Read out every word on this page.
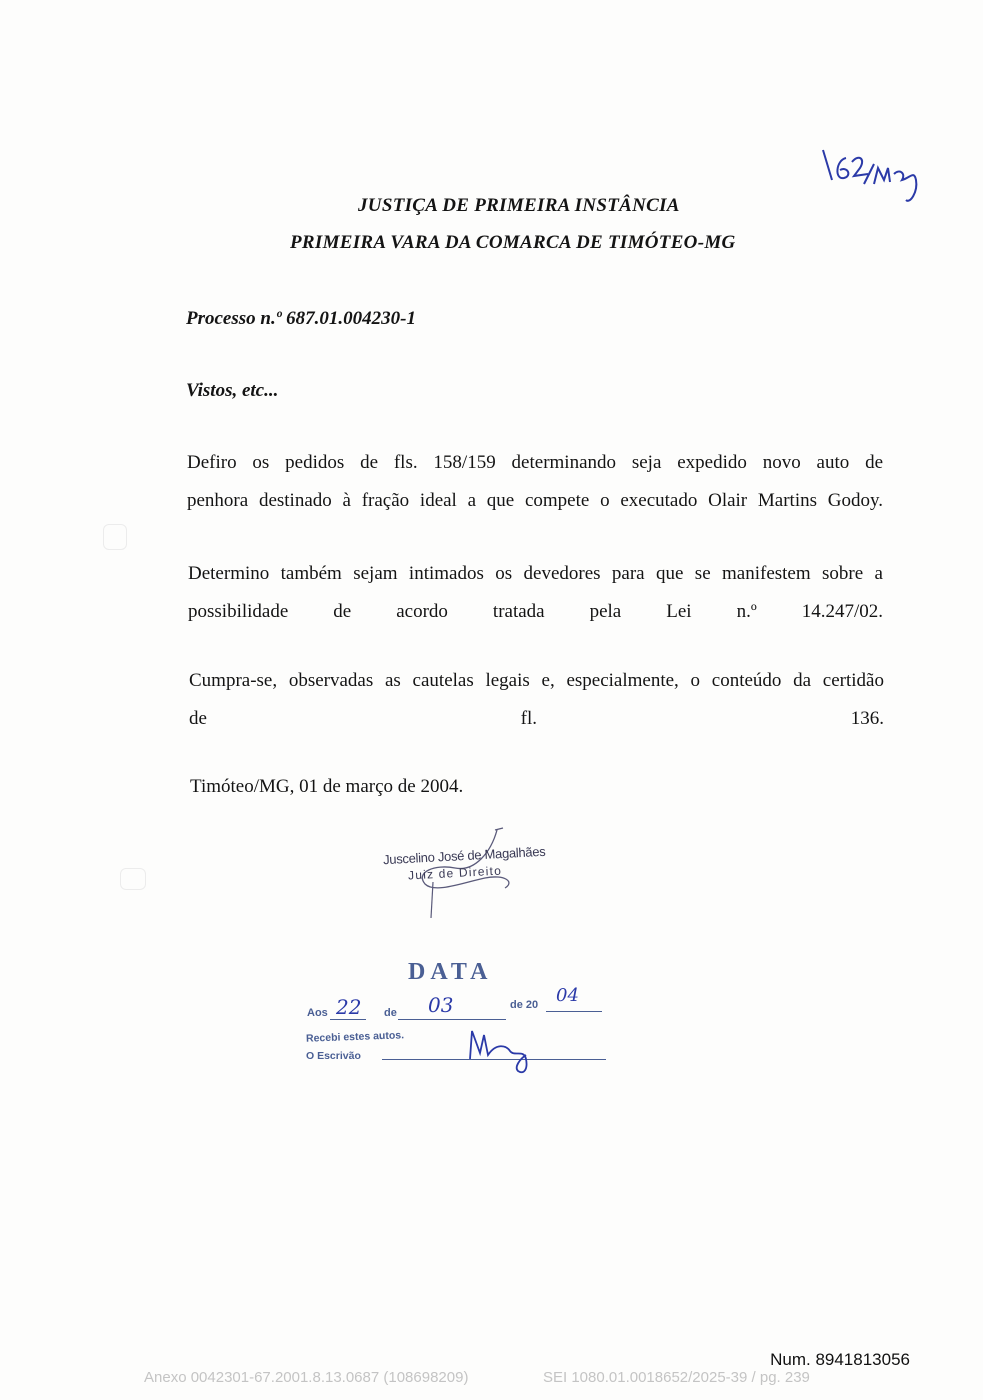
JUSTIÇA DE PRIMEIRA INSTÂNCIA
PRIMEIRA VARA DA COMARCA DE TIMÓTEO-MG
Processo n.º 687.01.004230-1
Vistos, etc...
Defiro os pedidos de fls. 158/159 determinando seja expedido novo auto de
penhora destinado à fração ideal a que compete o executado Olair Martins Godoy.
Determino também sejam intimados os devedores para que se manifestem sobre a
possibilidade de acordo tratada pela Lei n.º 14.247/02.
Cumpra-se, observadas as cautelas legais e, especialmente, o conteúdo da certidão
de fl. 136.
Timóteo/MG, 01 de março de 2004.
Juscelino José de Magalhães
Juiz de Direito
DATA
Aos 22 de 03	de 20 04
Recebi estes autos.
O Escrivão
Num. 8941813056
Anexo 0042301-67.2001.8.13.0687 (108698209)	SEI 1080.01.0018652/2025-39 / pg. 239
